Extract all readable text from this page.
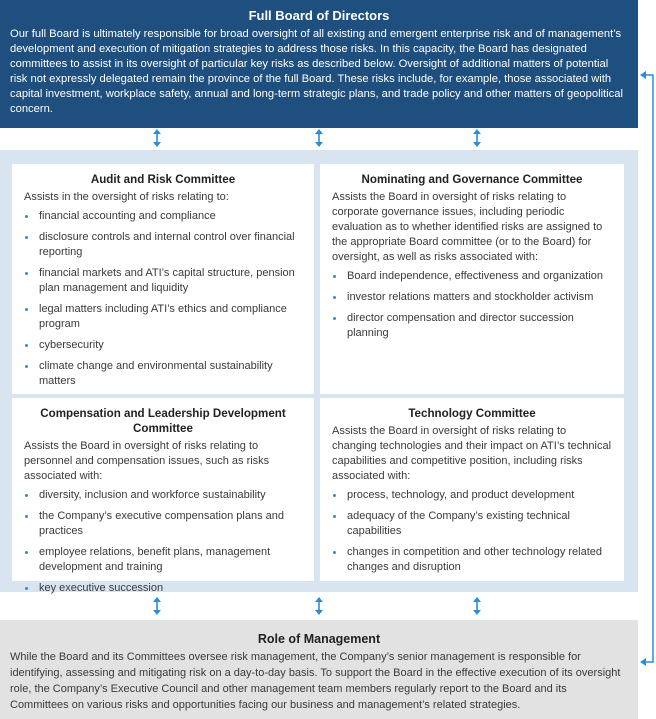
Full Board of Directors

Our full Board is ultimately responsible for broad oversight of all existing and emergent enterprise risk and of management’s development and execution of mitigation strategies to address those risks. In this capacity, the Board has designated committees to assist in its oversight of particular key risks as described below. Oversight of additional matters of potential risk not expressly delegated remain the province of the full Board. These risks include, for example, those associated with capital investment, workplace safety, annual and long-term strategic plans, and trade policy and other matters of geopolitical concern.

Audit and Risk Committee
Assists in the oversight of risks relating to:
financial accounting and compliance
disclosure controls and internal control over financial reporting
financial markets and ATI’s capital structure, pension plan management and liquidity
legal matters including ATI’s ethics and compliance program
cybersecurity
climate change and environmental sustainability matters
Nominating and Governance Committee
Assists the Board in oversight of risks relating to corporate governance issues, including periodic evaluation as to whether identified risks are assigned to the appropriate Board committee (or to the Board) for oversight, as well as risks associated with:
Board independence, effectiveness and organization
investor relations matters and stockholder activism
director compensation and director succession planning
Compensation and Leadership Development Committee
Assists the Board in oversight of risks relating to personnel and compensation issues, such as risks associated with:
diversity, inclusion and workforce sustainability
the Company’s executive compensation plans and practices
employee relations, benefit plans, management development and training
key executive succession
Technology Committee
Assists the Board in oversight of risks relating to changing technologies and their impact on ATI’s technical capabilities and competitive position, including risks associated with:
process, technology, and product development
adequacy of the Company’s existing technical capabilities
changes in competition and other technology related changes and disruption
Role of Management

While the Board and its Committees oversee risk management, the Company’s senior management is responsible for identifying, assessing and mitigating risk on a day-to-day basis. To support the Board in the effective execution of its oversight role, the Company’s Executive Council and other management team members regularly report to the Board and its Committees on various risks and opportunities facing our business and management’s related strategies.
